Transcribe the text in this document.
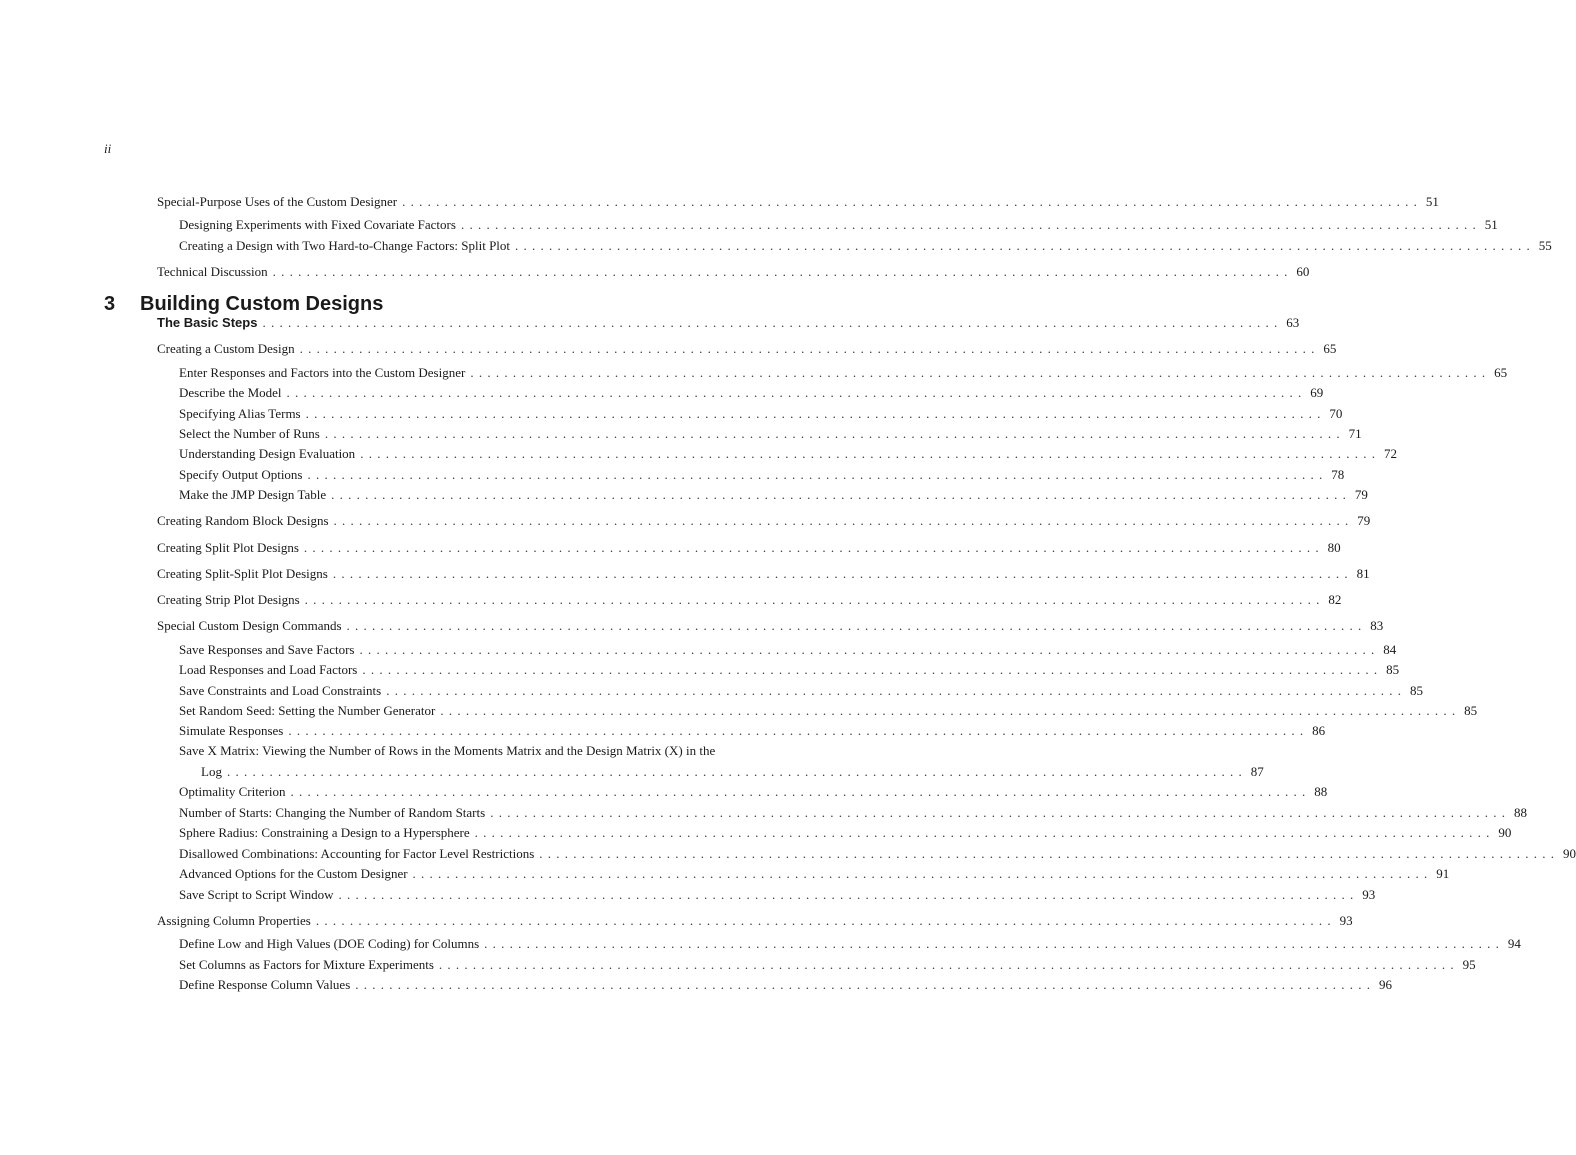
ii
Special-Purpose Uses of the Custom Designer . . . . . . . . . . . . . . . . . . . . . . . . . . . . . . . . . . . . . . . . . . . . . . . . . . . . . . . . . . . . . . . . . . . . . . . . . . . . . . . . . . . . . . . . . . . . . . . . . . . . . . . . . . . . . . . . . . . . . . . . 51
Designing Experiments with Fixed Covariate Factors . . . . . . . . . . . . . . . . . . . . . . . . . . . . . . . . . . . . . . . . . . . . . . . . . . . . . . . . . . . . . . . . . . . . . . . . . . . . . . . . . . . . . . . . . . . . . . . . . . . . . . . . . . . . . . . . . . . . . . . . 51
Creating a Design with Two Hard-to-Change Factors: Split Plot . . . . . . . . . . . . . . . . . . . . . . . . . . . . . . . . . . . . . . . . . . . . . . . . . . . . . . . . . . . . . . . . . . . . . . . . . . . . . . . . . . . . . . . . . . . . . . . . . . . . . . . . . . . . . . . . . . . . . . . . 55
Technical Discussion . . . . . . . . . . . . . . . . . . . . . . . . . . . . . . . . . . . . . . . . . . . . . . . . . . . . . . . . . . . . . . . . . . . . . . . . . . . . . . . . . . . . . . . . . . . . . . . . . . . . . . . . . . . . . . . . . . . . . . . . 60
3 Building Custom Designs
The Basic Steps . . . . . . . . . . . . . . . . . . . . . . . . . . . . . . . . . . . . . . . . . . . . . . . . . . . . . . . . . . . . . . . . . . . . . . . . . . . . . . . . . . . . . . . . . . . . . . . . . . . . . . . . . . . . . . . . . . . . . . . . 63
Creating a Custom Design . . . . . . . . . . . . . . . . . . . . . . . . . . . . . . . . . . . . . . . . . . . . . . . . . . . . . . . . . . . . . . . . . . . . . . . . . . . . . . . . . . . . . . . . . . . . . . . . . . . . . . . . . . . . . . . . . . . . . . . . 65
Enter Responses and Factors into the Custom Designer . . . . . . . . . . . . . . . . . . . . . . . . . . . . . . . . . . . . . . . . . . . . . . . . . . . . . . . . . . . . . . . . . . . . . . . . . . . . . . . . . . . . . . . . . . . . . . . . . . . . . . . . . . . . . . . . . . . . . . . . 65
Describe the Model . . . . . . . . . . . . . . . . . . . . . . . . . . . . . . . . . . . . . . . . . . . . . . . . . . . . . . . . . . . . . . . . . . . . . . . . . . . . . . . . . . . . . . . . . . . . . . . . . . . . . . . . . . . . . . . . . . . . . . . . 69
Specifying Alias Terms . . . . . . . . . . . . . . . . . . . . . . . . . . . . . . . . . . . . . . . . . . . . . . . . . . . . . . . . . . . . . . . . . . . . . . . . . . . . . . . . . . . . . . . . . . . . . . . . . . . . . . . . . . . . . . . . . . . . . . . . 70
Select the Number of Runs . . . . . . . . . . . . . . . . . . . . . . . . . . . . . . . . . . . . . . . . . . . . . . . . . . . . . . . . . . . . . . . . . . . . . . . . . . . . . . . . . . . . . . . . . . . . . . . . . . . . . . . . . . . . . . . . . . . . . . . . 71
Understanding Design Evaluation . . . . . . . . . . . . . . . . . . . . . . . . . . . . . . . . . . . . . . . . . . . . . . . . . . . . . . . . . . . . . . . . . . . . . . . . . . . . . . . . . . . . . . . . . . . . . . . . . . . . . . . . . . . . . . . . . . . . . . . . 72
Specify Output Options . . . . . . . . . . . . . . . . . . . . . . . . . . . . . . . . . . . . . . . . . . . . . . . . . . . . . . . . . . . . . . . . . . . . . . . . . . . . . . . . . . . . . . . . . . . . . . . . . . . . . . . . . . . . . . . . . . . . . . . . 78
Make the JMP Design Table . . . . . . . . . . . . . . . . . . . . . . . . . . . . . . . . . . . . . . . . . . . . . . . . . . . . . . . . . . . . . . . . . . . . . . . . . . . . . . . . . . . . . . . . . . . . . . . . . . . . . . . . . . . . . . . . . . . . . . . . 79
Creating Random Block Designs . . . . . . . . . . . . . . . . . . . . . . . . . . . . . . . . . . . . . . . . . . . . . . . . . . . . . . . . . . . . . . . . . . . . . . . . . . . . . . . . . . . . . . . . . . . . . . . . . . . . . . . . . . . . . . . . . . . . . . . . 79
Creating Split Plot Designs . . . . . . . . . . . . . . . . . . . . . . . . . . . . . . . . . . . . . . . . . . . . . . . . . . . . . . . . . . . . . . . . . . . . . . . . . . . . . . . . . . . . . . . . . . . . . . . . . . . . . . . . . . . . . . . . . . . . . . . . 80
Creating Split-Split Plot Designs . . . . . . . . . . . . . . . . . . . . . . . . . . . . . . . . . . . . . . . . . . . . . . . . . . . . . . . . . . . . . . . . . . . . . . . . . . . . . . . . . . . . . . . . . . . . . . . . . . . . . . . . . . . . . . . . . . . . . . . . 81
Creating Strip Plot Designs . . . . . . . . . . . . . . . . . . . . . . . . . . . . . . . . . . . . . . . . . . . . . . . . . . . . . . . . . . . . . . . . . . . . . . . . . . . . . . . . . . . . . . . . . . . . . . . . . . . . . . . . . . . . . . . . . . . . . . . . 82
Special Custom Design Commands . . . . . . . . . . . . . . . . . . . . . . . . . . . . . . . . . . . . . . . . . . . . . . . . . . . . . . . . . . . . . . . . . . . . . . . . . . . . . . . . . . . . . . . . . . . . . . . . . . . . . . . . . . . . . . . . . . . . . . . . 83
Save Responses and Save Factors . . . . . . . . . . . . . . . . . . . . . . . . . . . . . . . . . . . . . . . . . . . . . . . . . . . . . . . . . . . . . . . . . . . . . . . . . . . . . . . . . . . . . . . . . . . . . . . . . . . . . . . . . . . . . . . . . . . . . . . . 84
Load Responses and Load Factors . . . . . . . . . . . . . . . . . . . . . . . . . . . . . . . . . . . . . . . . . . . . . . . . . . . . . . . . . . . . . . . . . . . . . . . . . . . . . . . . . . . . . . . . . . . . . . . . . . . . . . . . . . . . . . . . . . . . . . . . 85
Save Constraints and Load Constraints . . . . . . . . . . . . . . . . . . . . . . . . . . . . . . . . . . . . . . . . . . . . . . . . . . . . . . . . . . . . . . . . . . . . . . . . . . . . . . . . . . . . . . . . . . . . . . . . . . . . . . . . . . . . . . . . . . . . . . . . 85
Set Random Seed: Setting the Number Generator . . . . . . . . . . . . . . . . . . . . . . . . . . . . . . . . . . . . . . . . . . . . . . . . . . . . . . . . . . . . . . . . . . . . . . . . . . . . . . . . . . . . . . . . . . . . . . . . . . . . . . . . . . . . . . . . . . . . . . . . 85
Simulate Responses . . . . . . . . . . . . . . . . . . . . . . . . . . . . . . . . . . . . . . . . . . . . . . . . . . . . . . . . . . . . . . . . . . . . . . . . . . . . . . . . . . . . . . . . . . . . . . . . . . . . . . . . . . . . . . . . . . . . . . . . 86
Save X Matrix: Viewing the Number of Rows in the Moments Matrix and the Design Matrix (X) in the
Log . . . . . . . . . . . . . . . . . . . . . . . . . . . . . . . . . . . . . . . . . . . . . . . . . . . . . . . . . . . . . . . . . . . . . . . . . . . . . . . . . . . . . . . . . . . . . . . . . . . . . . . . . . . . . . . . . . . . . . . . 87
Optimality Criterion . . . . . . . . . . . . . . . . . . . . . . . . . . . . . . . . . . . . . . . . . . . . . . . . . . . . . . . . . . . . . . . . . . . . . . . . . . . . . . . . . . . . . . . . . . . . . . . . . . . . . . . . . . . . . . . . . . . . . . . . 88
Number of Starts: Changing the Number of Random Starts . . . . . . . . . . . . . . . . . . . . . . . . . . . . . . . . . . . . . . . . . . . . . . . . . . . . . . . . . . . . . . . . . . . . . . . . . . . . . . . . . . . . . . . . . . . . . . . . . . . . . . . . . . . . . . . . . . . . . . . . 88
Sphere Radius: Constraining a Design to a Hypersphere . . . . . . . . . . . . . . . . . . . . . . . . . . . . . . . . . . . . . . . . . . . . . . . . . . . . . . . . . . . . . . . . . . . . . . . . . . . . . . . . . . . . . . . . . . . . . . . . . . . . . . . . . . . . . . . . . . . . . . . . 90
Disallowed Combinations: Accounting for Factor Level Restrictions . . . . . . . . . . . . . . . . . . . . . . . . . . . . . . . . . . . . . . . . . . . . . . . . . . . . . . . . . . . . . . . . . . . . . . . . . . . . . . . . . . . . . . . . . . . . . . . . . . . . . . . . . . . . . . . . . . . . . . . . 90
Advanced Options for the Custom Designer . . . . . . . . . . . . . . . . . . . . . . . . . . . . . . . . . . . . . . . . . . . . . . . . . . . . . . . . . . . . . . . . . . . . . . . . . . . . . . . . . . . . . . . . . . . . . . . . . . . . . . . . . . . . . . . . . . . . . . . . 91
Save Script to Script Window . . . . . . . . . . . . . . . . . . . . . . . . . . . . . . . . . . . . . . . . . . . . . . . . . . . . . . . . . . . . . . . . . . . . . . . . . . . . . . . . . . . . . . . . . . . . . . . . . . . . . . . . . . . . . . . . . . . . . . . . 93
Assigning Column Properties . . . . . . . . . . . . . . . . . . . . . . . . . . . . . . . . . . . . . . . . . . . . . . . . . . . . . . . . . . . . . . . . . . . . . . . . . . . . . . . . . . . . . . . . . . . . . . . . . . . . . . . . . . . . . . . . . . . . . . . . 93
Define Low and High Values (DOE Coding) for Columns . . . . . . . . . . . . . . . . . . . . . . . . . . . . . . . . . . . . . . . . . . . . . . . . . . . . . . . . . . . . . . . . . . . . . . . . . . . . . . . . . . . . . . . . . . . . . . . . . . . . . . . . . . . . . . . . . . . . . . . . 94
Set Columns as Factors for Mixture Experiments . . . . . . . . . . . . . . . . . . . . . . . . . . . . . . . . . . . . . . . . . . . . . . . . . . . . . . . . . . . . . . . . . . . . . . . . . . . . . . . . . . . . . . . . . . . . . . . . . . . . . . . . . . . . . . . . . . . . . . . . 95
Define Response Column Values . . . . . . . . . . . . . . . . . . . . . . . . . . . . . . . . . . . . . . . . . . . . . . . . . . . . . . . . . . . . . . . . . . . . . . . . . . . . . . . . . . . . . . . . . . . . . . . . . . . . . . . . . . . . . . . . . . . . . . . . 96
